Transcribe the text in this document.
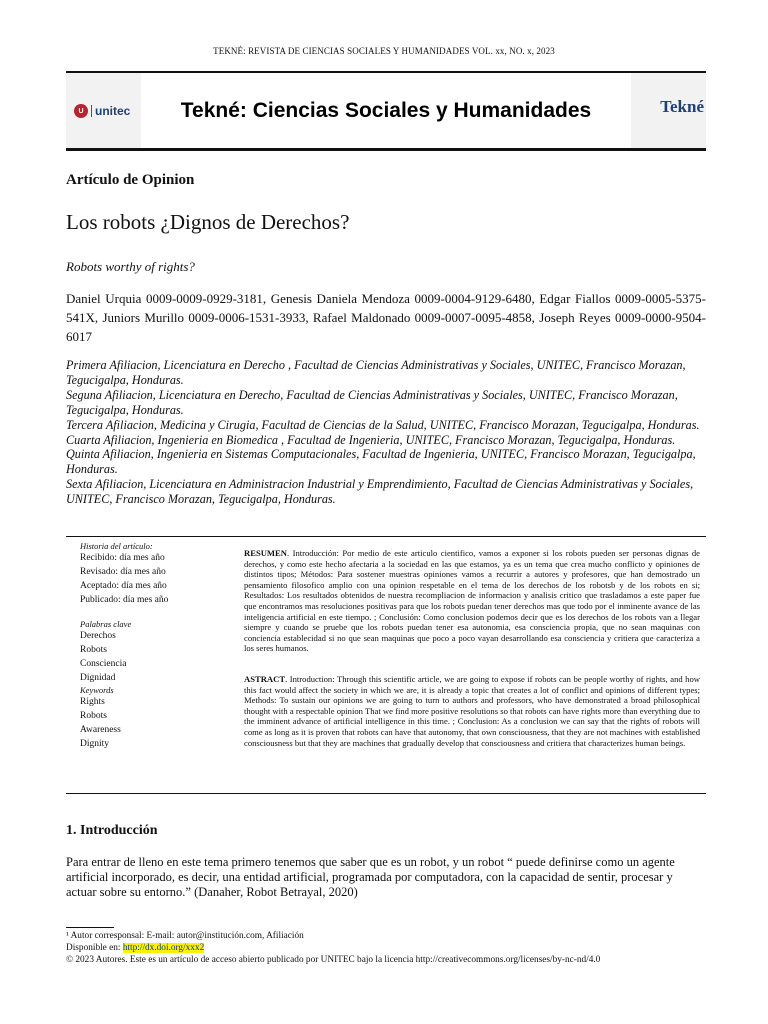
TEKNÉ: REVISTA DE CIENCIAS SOCIALES Y HUMANIDADES VOL. xx, NO. x, 2023
U unitec Tekné: Ciencias Sociales y Humanidades	Tekné
Artículo de Opinion
Los robots ¿Dignos de Derechos?
Robots worthy of rights?
Daniel Urquia 0009-0009-0929-3181, Genesis Daniela Mendoza 0009-0004-9129-6480, Edgar Fiallos 0009-0005-5375-541X, Juniors Murillo 0009-0006-1531-3933, Rafael Maldonado 0009-0007-0095-4858, Joseph Reyes 0009-0000-9504-6017
Primera Afiliacion, Licenciatura en Derecho , Facultad de Ciencias Administrativas y Sociales, UNITEC, Francisco Morazan, Tegucigalpa, Honduras.
Seguna Afiliacion, Licenciatura en Derecho, Facultad de Ciencias Administrativas y Sociales, UNITEC, Francisco Morazan, Tegucigalpa, Honduras.
Tercera Afiliacion, Medicina y Cirugia, Facultad de Ciencias de la Salud, UNITEC, Francisco Morazan, Tegucigalpa, Honduras.
Cuarta Afiliacion, Ingenieria en Biomedica , Facultad de Ingenieria, UNITEC, Francisco Morazan, Tegucigalpa, Honduras.
Quinta Afiliacion, Ingenieria en Sistemas Computacionales, Facultad de Ingenieria, UNITEC, Francisco Morazan, Tegucigalpa, Honduras.
Sexta Afiliacion, Licenciatura en Administracion Industrial y Emprendimiento, Facultad de Ciencias Administrativas y Sociales, UNITEC, Francisco Morazan, Tegucigalpa, Honduras.

Historia del artículo:

Recibido: día mes año

Revisado: día mes año

Aceptado: día mes año

Publicado: día mes año

Palabras clave

Derechos

Robots

Consciencia

Dignidad

Keywords

Rights

Robots

Awareness

Dignity

RESUMEN. Introducción: Por medio de este articulo cientifico, vamos a exponer si los robots pueden ser personas dignas de derechos, y como este hecho afectaria a la sociedad en las que estamos, ya es un tema que crea mucho conflicto y opiniones de distintos tipos; Métodos: Para sostener muestras opiniones vamos a recurrir a autores y profesores, que han demostrado un pensamiento filosofico amplio con una opinion respetable en el tema de los derechos de los robotsb y de los robots en si; Resultados: Los resultados obtenidos de nuestra recompliacion de informacion y analisis critico que trasladamos a este paper fue que encontramos mas resoluciones positivas para que los robots puedan tener derechos mas que todo por el inminente avance de las inteligencia artificial en este tiempo. ; Conclusión: Como conclusion podemos decir que es los derechos de los robots van a llegar siempre y cuando se pruebe que los robots puedan tener esa autonomia, esa consciencia propia, que no sean maquinas con conciencia establecidad si no que sean maquinas que poco a poco vayan desarrollando esa consciencia y critiera que caracteriza a los seres humanos.

ASTRACT. Introduction: Through this scientific article, we are going to expose if robots can be people worthy of rights, and how this fact would affect the society in which we are, it is already a topic that creates a lot of conflict and opinions of different types; Methods: To sustain our opinions we are going to turn to authors and professors, who have demonstrated a broad philosophical thought with a respectable opinion That we find more positive resolutions so that robots can have rights more than everything due to the imminent advance of artificial intelligence in this time. ; Conclusion: As a conclusion we can say that the rights of robots will come as long as it is proven that robots can have that autonomy, that own consciousness, that they are not machines with established consciousness but that they are machines that gradually develop that consciousness and critiera that characterizes human beings.

1. Introducción
Para entrar de lleno en este tema primero tenemos que saber que es un robot, y un robot “ puede definirse como un agente artificial incorporado, es decir, una entidad artificial, programada por computadora, con la capacidad de sentir, procesar y actuar sobre su entorno.” (Danaher, Robot Betrayal, 2020)
¹ Autor corresponsal: E-mail: autor@institución.com, Afiliación
Disponible en: http://dx.doi.org/xxx2
© 2023 Autores. Este es un artículo de acceso abierto publicado por UNITEC bajo la licencia http://creativecommons.org/licenses/by-nc-nd/4.0
